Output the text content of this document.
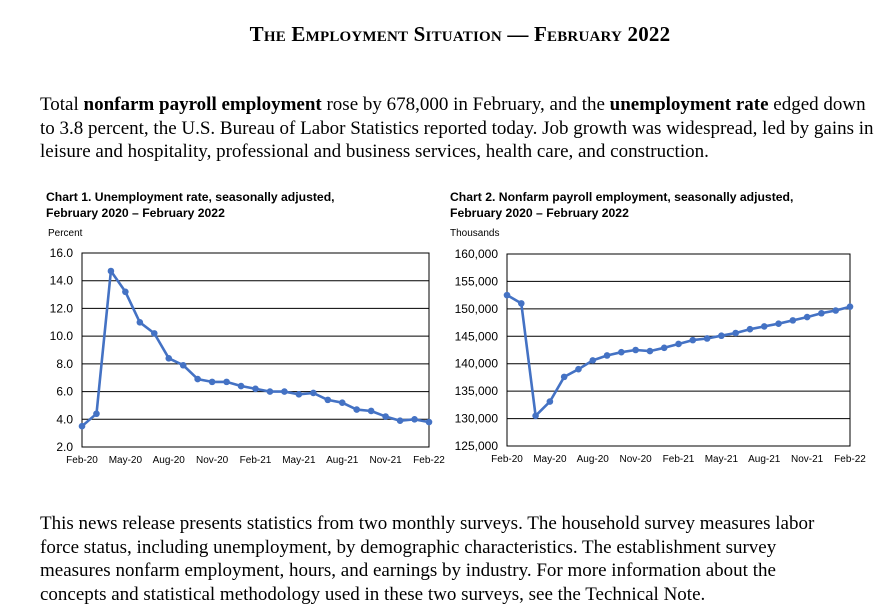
The Employment Situation — February 2022

Total nonfarm payroll employment rose by 678,000 in February, and the unemployment rate edged down to 3.8 percent, the U.S. Bureau of Labor Statistics reported today. Job growth was widespread, led by gains in leisure and hospitality, professional and business services, health care, and construction.

Chart 1. Unemployment rate, seasonally adjusted,
February 2020 – February 2022
Percent
Chart 2. Nonfarm payroll employment, seasonally adjusted,
February 2020 – February 2022
Thousands

This news release presents statistics from two monthly surveys. The household survey measures labor force status, including unemployment, by demographic characteristics. The establishment survey measures nonfarm employment, hours, and earnings by industry. For more information about the concepts and statistical methodology used in these two surveys, see the Technical Note.

16.0
14.0
12.0
10.0
8.0
6.0
4.0
2.0
Feb-20 May-20 Aug-20 Nov-20 Feb-21 May-21 Aug-21 Nov-21 Feb-22
160,000
155,000
150,000
145,000
140,000
135,000
130,000
125,000
Feb-20 May-20 Aug-20 Nov-20 Feb-21 May-21 Aug-21 Nov-21 Feb-22
